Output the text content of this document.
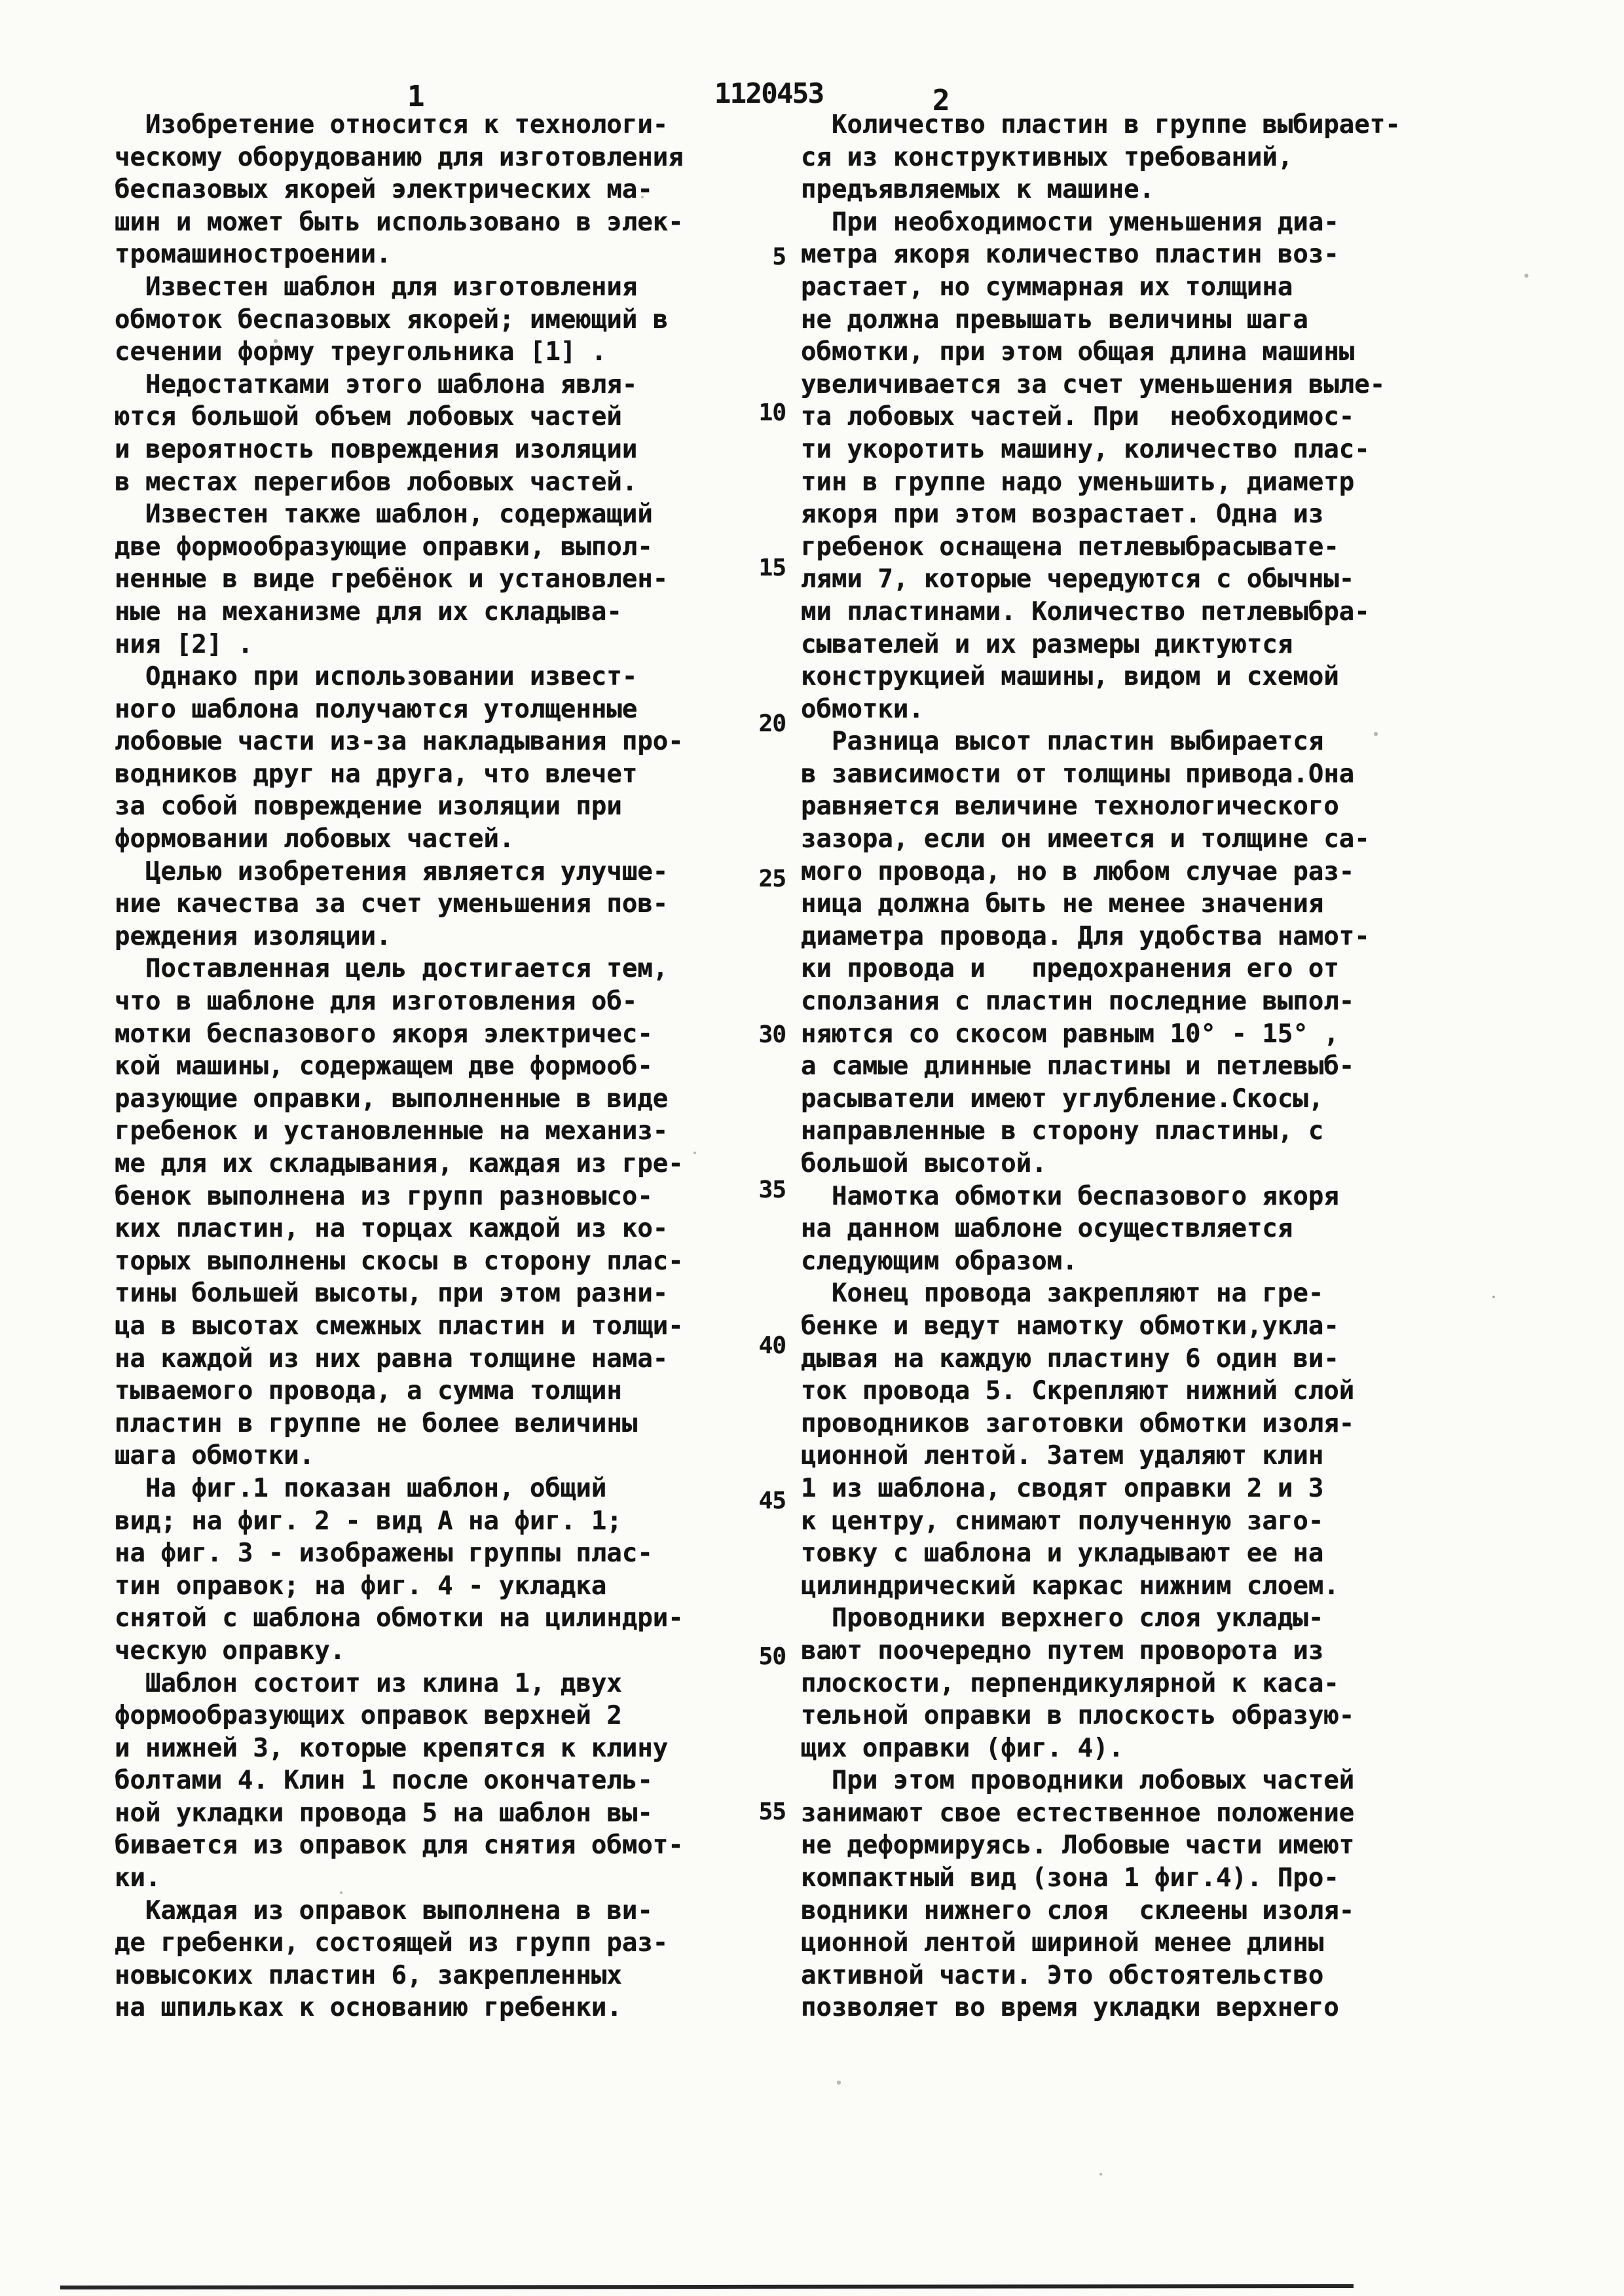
1	1120453	2
Изобретение относится к технологи-
ческому оборудованию для изготовления
беспазовых якорей электрических ма-
шин и может быть использовано в элек-
тромашиностроении.
Известен шаблон для изготовления
обмоток беспазовых якорей; имеющий в
сечении форму треугольника [1] .
Недостатками этого шаблона явля-
ются большой объем лобовых частей
и вероятность повреждения изоляции
в местах перегибов лобовых частей.
Известен также шаблон, содержащий
две формообразующие оправки, выпол-
ненные в виде гребёнок и установлен-
ные на механизме для их складыва-
ния [2] .
Однако при использовании извест-
ного шаблона получаются утолщенные
лобовые части из-за накладывания про-
водников друг на друга, что влечет
за собой повреждение изоляции при
формовании лобовых частей.
Целью изобретения является улучше-
ние качества за счет уменьшения пов-
реждения изоляции.
Поставленная цель достигается тем,
что в шаблоне для изготовления об-
мотки беспазового якоря электричес-
кой машины, содержащем две формооб-
разующие оправки, выполненные в виде
гребенок и установленные на механиз-
ме для их складывания, каждая из гре-
бенок выполнена из групп разновысо-
ких пластин, на торцах каждой из ко-
торых выполнены скосы в сторону плас-
тины большей высоты, при этом разни-
ца в высотах смежных пластин и толщи-
на каждой из них равна толщине нама-
тываемого провода, а сумма толщин
пластин в группе не более величины
шага обмотки.
На фиг.1 показан шаблон, общий
вид; на фиг. 2 - вид А на фиг. 1;
на фиг. 3 - изображены группы плас-
тин оправок; на фиг. 4 - укладка
снятой с шаблона обмотки на цилиндри-
ческую оправку.
Шаблон состоит из клина 1, двух
формообразующих оправок верхней 2
и нижней 3, которые крепятся к клину
болтами 4. Клин 1 после окончатель-
ной укладки провода 5 на шаблон вы-
бивается из оправок для снятия обмот-
ки.
Каждая из оправок выполнена в ви-
де гребенки, состоящей из групп раз-
новысоких пластин 6, закрепленных
на шпильках к основанию гребенки.
Количество пластин в группе выбирает-
ся из конструктивных требований,
предъявляемых к машине.
При необходимости уменьшения диа-
метра якоря количество пластин воз-
растает, но суммарная их толщина
не должна превышать величины шага
обмотки, при этом общая длина машины
увеличивается за счет уменьшения выле-
та лобовых частей. При  необходимос-
ти укоротить машину, количество плас-
тин в группе надо уменьшить, диаметр
якоря при этом возрастает. Одна из
гребенок оснащена петлевыбрасывате-
лями 7, которые чередуются с обычны-
ми пластинами. Количество петлевыбра-
сывателей и их размеры диктуются
конструкцией машины, видом и схемой
обмотки.
Разница высот пластин выбирается
в зависимости от толщины привода.Она
равняется величине технологического
зазора, если он имеется и толщине са-
мого провода, но в любом случае раз-
ница должна быть не менее значения
диаметра провода. Для удобства намот-
ки провода и   предохранения его от
сползания с пластин последние выпол-
няются со скосом равным 10° - 15° ,
а самые длинные пластины и петлевыб-
расыватели имеют углубление.Скосы,
направленные в сторону пластины, с
большой высотой.
Намотка обмотки беспазового якоря
на данном шаблоне осуществляется
следующим образом.
Конец провода закрепляют на гре-
бенке и ведут намотку обмотки,укла-
дывая на каждую пластину 6 один ви-
ток провода 5. Скрепляют нижний слой
проводников заготовки обмотки изоля-
ционной лентой. Затем удаляют клин
1 из шаблона, сводят оправки 2 и 3
к центру, снимают полученную заго-
товку с шаблона и укладывают ее на
цилиндрический каркас нижним слоем.
Проводники верхнего слоя уклады-
вают поочередно путем проворота из
плоскости, перпендикулярной к каса-
тельной оправки в плоскость образую-
щих оправки (фиг. 4).
При этом проводники лобовых частей
занимают свое естественное положение
не деформируясь. Лобовые части имеют
компактный вид (зона 1 фиг.4). Про-
водники нижнего слоя  склеены изоля-
ционной лентой шириной менее длины
активной части. Это обстоятельство
позволяет во время укладки верхнего
5
10
15
20
25
30
35
40
45
50
55
